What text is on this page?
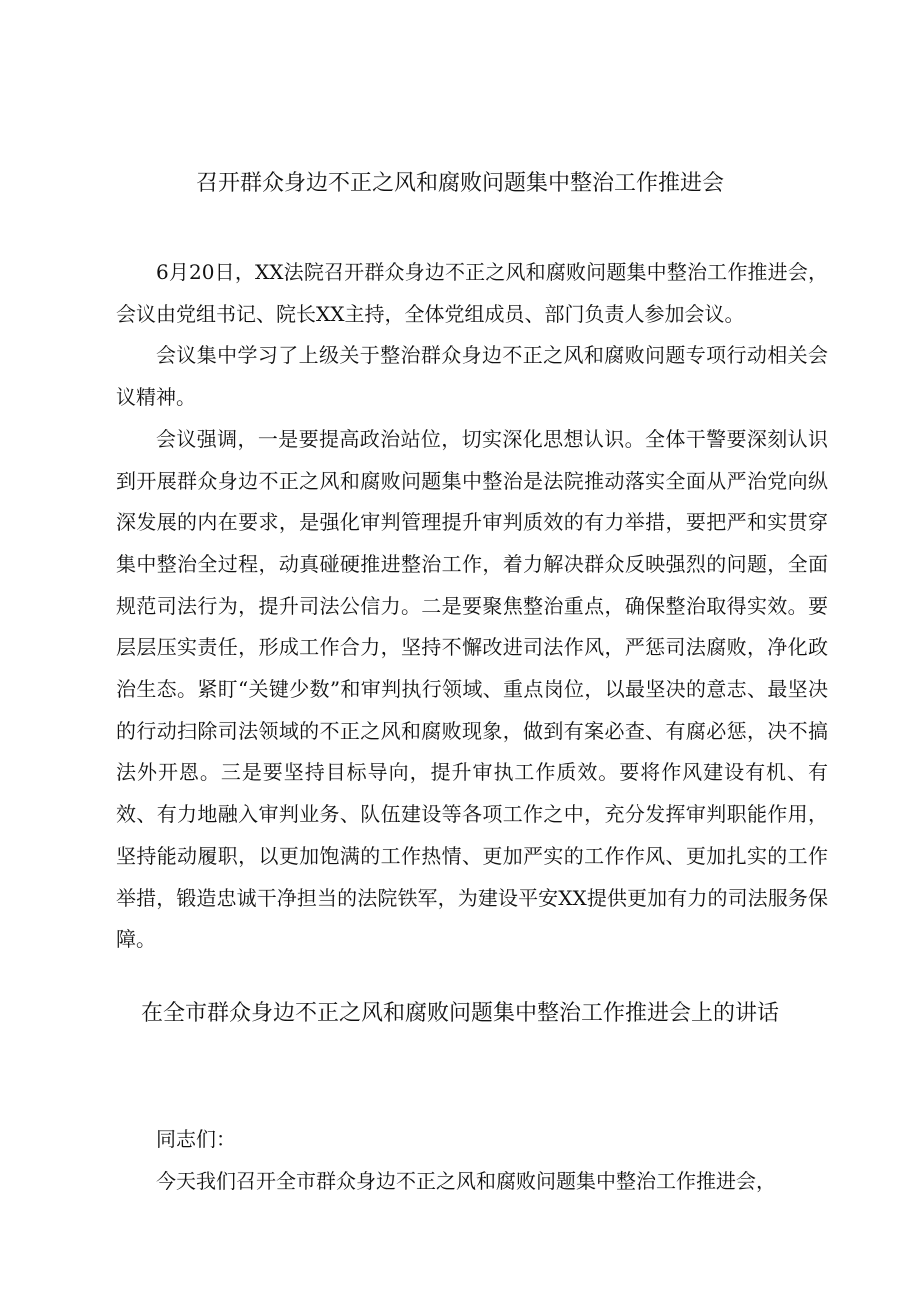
召开群众身边不正之风和腐败问题集中整治工作推进会

6月20日，XX法院召开群众身边不正之风和腐败问题集中整治工作推进会，会议由党组书记、院长XX主持，全体党组成员、部门负责人参加会议。

会议集中学习了上级关于整治群众身边不正之风和腐败问题专项行动相关会议精神。

会议强调，一是要提高政治站位，切实深化思想认识。全体干警要深刻认识到开展群众身边不正之风和腐败问题集中整治是法院推动落实全面从严治党向纵深发展的内在要求，是强化审判管理提升审判质效的有力举措，要把严和实贯穿集中整治全过程，动真碰硬推进整治工作，着力解决群众反映强烈的问题，全面规范司法行为，提升司法公信力。二是要聚焦整治重点，确保整治取得实效。要层层压实责任，形成工作合力，坚持不懈改进司法作风，严惩司法腐败，净化政治生态。紧盯“关键少数”和审判执行领域、重点岗位，以最坚决的意志、最坚决的行动扫除司法领域的不正之风和腐败现象，做到有案必查、有腐必惩，决不搞法外开恩。三是要坚持目标导向，提升审执工作质效。要将作风建设有机、有效、有力地融入审判业务、队伍建设等各项工作之中，充分发挥审判职能作用，坚持能动履职，以更加饱满的工作热情、更加严实的工作作风、更加扎实的工作举措，锻造忠诚干净担当的法院铁军，为建设平安XX提供更加有力的司法服务保障。

在全市群众身边不正之风和腐败问题集中整治工作推进会上的讲话

同志们：

今天我们召开全市群众身边不正之风和腐败问题集中整治工作推进会，
